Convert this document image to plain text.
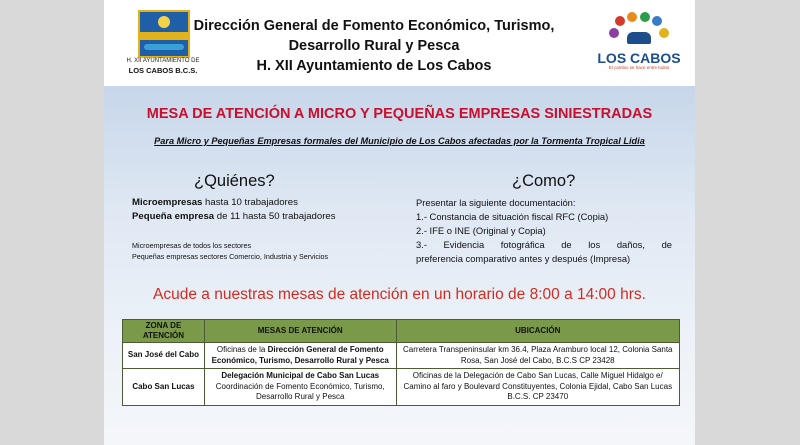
H. XII AYUNTAMIENTO DE
LOS CABOS B.C.S.
Dirección General de Fomento Económico, Turismo,
Desarrollo Rural y Pesca
H. XII Ayuntamiento de Los Cabos	LOS CABOS
El cambio se hace entre todos
MESA DE ATENCIÓN A MICRO Y PEQUEÑAS EMPRESAS SINIESTRADAS
Para Micro y Pequeñas Empresas formales del Municipio de Los Cabos afectadas por la Tormenta Tropical Lidia
¿Quiénes?	¿Como?
Microempresas hasta 10 trabajadores
Pequeña empresa de 11 hasta 50 trabajadores
Microempresas de todos los sectores
Pequeñas empresas sectores Comercio, Industria y Servicios
Presentar la siguiente documentación:
1.- Constancia de situación fiscal RFC (Copia)
2.- IFE o INE (Original y Copia)
3.- Evidencia fotográfica de los daños, de
preferencia comparativo antes y después (Impresa)
Acude a nuestras mesas de atención en un horario de 8:00 a 14:00 hrs.
ZONA DE ATENCIÓN	MESAS DE ATENCIÓN	UBICACIÓN
San José del Cabo	Oficinas de la Dirección General de Fomento Económico, Turismo, Desarrollo Rural y Pesca	Carretera Transpeninsular km 36.4, Plaza Aramburo local 12, Colonia Santa Rosa, San José del Cabo, B.C.S CP 23428
Cabo San Lucas	Delegación Municipal de Cabo San Lucas
Coordinación de Fomento Económico, Turismo, Desarrollo Rural y Pesca	Oficinas de la Delegación de Cabo San Lucas, Calle Miguel Hidalgo e/ Camino al faro y Boulevard Constituyentes, Colonia Ejidal, Cabo San Lucas B.C.S. CP 23470
